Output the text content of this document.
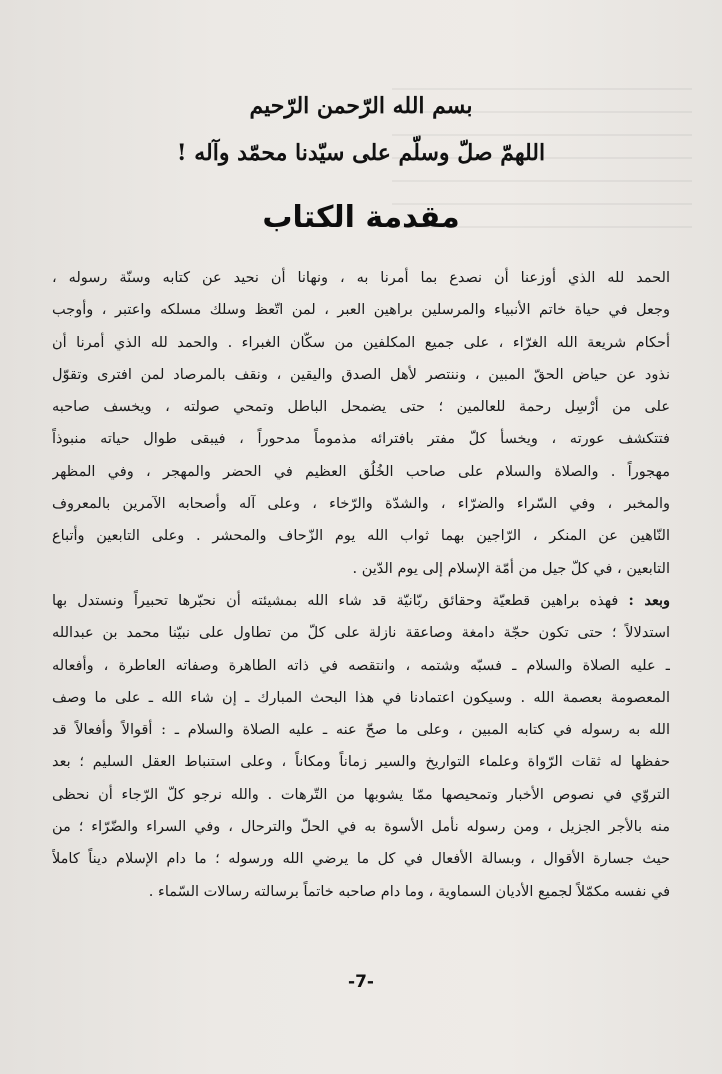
بسم الله الرّحمن الرّحيم
اللهمّ صلّ وسلّم على سيّدنا محمّد وآله !
مقدمة الكتاب
الحمد لله الذي أوزعنا أن نصدع بما أمرنا به ، ونهانا أن نحيد عن كتابه وسنّة رسوله ،
وجعل في حياة خاتم الأنبياء والمرسلين براهين العبر ، لمن اتّعظ وسلك مسلكه واعتبر ، وأوجب
أحكام شريعة الله الغرّاء ، على جميع المكلفين من سكّان الغبراء . والحمد لله الذي أمرنا أن
نذود عن حياض الحقّ المبين ، وننتصر لأهل الصدق واليقين ، ونقف بالمرصاد لمن افترى وتقوّل
على من أرْسِل رحمة للعالمين ؛ حتى يضمحل الباطل وتمحي صولته ، ويخسف صاحبه
فتتكشف عورته ، ويخسأ كلّ مفتر بافترائه مذموماً مدحوراً ، فيبقى طوال حياته منبوذاً
مهجوراً . والصلاة والسلام على صاحب الخُلُق العظيم في الحضر والمهجر ، وفي المظهر
والمخبر ، وفي السّراء والضرّاء ، والشدّة والرّخاء ، وعلى آله وأصحابه الآمرين بالمعروف
النّاهين عن المنكر ، الرّاجين بهما ثواب الله يوم الزّحاف والمحشر . وعلى التابعين وأتباع
التابعين ، في كلّ جيل من أمّة الإسلام إلى يوم الدّين .
وبعد : فهذه براهين قطعيّة وحقائق ربّانيّة قد شاء الله بمشيئته أن نحبّرها تحبيراً ونستدل بها
استدلالاً ؛ حتى تكون حجّة دامغة وصاعقة نازلة على كلّ من تطاول على نبيّنا محمد بن عبدالله
ـ عليه الصلاة والسلام ـ فسبّه وشتمه ، وانتقصه في ذاته الطاهرة وصفاته العاطرة ، وأفعاله
المعصومة بعصمة الله . وسيكون اعتمادنا في هذا البحث المبارك ـ إن شاء الله ـ على ما وصف
الله به رسوله في كتابه المبين ، وعلى ما صحّ عنه ـ عليه الصلاة والسلام ـ : أقوالاً وأفعالاً قد
حفظها له ثقات الرّواة وعلماء التواريخ والسير زماناً ومكاناً ، وعلى استنباط العقل السليم ؛ بعد
التروّي في نصوص الأخبار وتمحيصها ممّا يشوبها من التّرهات . والله نرجو كلّ الرّجاء أن نحظى
منه بالأجر الجزيل ، ومن رسوله نأمل الأسوة به في الحلّ والترحال ، وفي السراء والضّرّاء ؛ من
حيث جسارة الأقوال ، وبسالة الأفعال في كل ما يرضي الله ورسوله ؛ ما دام الإسلام ديناً كاملاً
في نفسه مكمّلاً لجميع الأديان السماوية ، وما دام صاحبه خاتماً برسالته رسالات السّماء .
-7-
